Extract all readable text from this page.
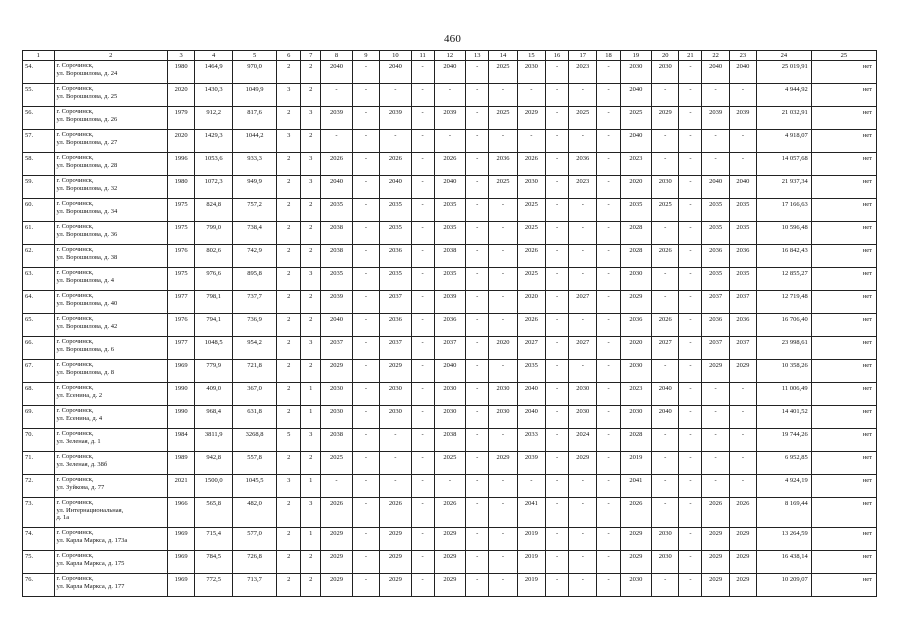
460
1	2	3	4	5	6	7	8	9	10	11	12	13	14	15	16	17	18	19	20	21	22	23	24	25
54.	г. Сорочинск,
ул. Ворошилова, д. 24	1980	1464,9	970,0	2	2	2040	-	2040	-	2040	-	2025	2030	-	2023	-	2030	2030	-	2040	2040	25 019,91	нет
55.	г. Сорочинск,
ул. Ворошилова, д. 25	2020	1430,3	1049,9	3	2	-	-	-	-	-	-	-	-	-	-	-	2040	-	-	-	-	4 944,92	нет
56.	г. Сорочинск,
ул. Ворошилова, д. 26	1979	912,2	817,6	2	3	2039	-	2039	-	2039	-	2025	2029	-	2025	-	2025	2029	-	2039	2039	21 032,91	нет
57.	г. Сорочинск,
ул. Ворошилова, д. 27	2020	1429,3	1044,2	3	2	-	-	-	-	-	-	-	-	-	-	-	2040	-	-	-	-	4 918,07	нет
58.	г. Сорочинск,
ул. Ворошилова, д. 28	1996	1053,6	933,3	2	3	2026	-	2026	-	2026	-	2036	2026	-	2036	-	2023	-	-	-	-	14 057,68	нет
59.	г. Сорочинск,
ул. Ворошилова, д. 32	1980	1072,3	949,9	2	3	2040	-	2040	-	2040	-	2025	2030	-	2023	-	2020	2030	-	2040	2040	21 937,34	нет
60.	г. Сорочинск,
ул. Ворошилова, д. 34	1975	824,8	757,2	2	2	2035	-	2035	-	2035	-	-	2025	-	-	-	2035	2025	-	2035	2035	17 166,63	нет
61.	г. Сорочинск,
ул. Ворошилова, д. 36	1975	799,0	738,4	2	2	2038	-	2035	-	2035	-	-	2025	-	-	-	2028	-	-	2035	2035	10 596,48	нет
62.	г. Сорочинск,
ул. Ворошилова, д. 38	1976	802,6	742,9	2	2	2038	-	2036	-	2038	-	-	2026	-	-	-	2028	2026	-	2036	2036	16 842,43	нет
63.	г. Сорочинск,
ул. Ворошилова, д. 4	1975	976,6	895,8	2	3	2035	-	2035	-	2035	-	-	2025	-	-	-	2030	-	-	2035	2035	12 855,27	нет
64.	г. Сорочинск,
ул. Ворошилова, д. 40	1977	798,1	737,7	2	2	2039	-	2037	-	2039	-	-	2020	-	2027	-	2029	-	-	2037	2037	12 719,48	нет
65.	г. Сорочинск,
ул. Ворошилова, д. 42	1976	794,1	736,9	2	2	2040	-	2036	-	2036	-	-	2026	-	-	-	2036	2026	-	2036	2036	16 706,40	нет
66.	г. Сорочинск,
ул. Ворошилова, д. 6	1977	1048,5	954,2	2	3	2037	-	2037	-	2037	-	2020	2027	-	2027	-	2020	2027	-	2037	2037	23 998,61	нет
67.	г. Сорочинск,
ул. Ворошилова, д. 8	1969	779,9	721,8	2	2	2029	-	2029	-	2040	-	-	2035	-	-	-	2030	-	-	2029	2029	10 358,26	нет
68.	г. Сорочинск,
ул. Есенина, д. 2	1990	409,0	367,0	2	1	2030	-	2030	-	2030	-	2030	2040	-	2030	-	2023	2040	-	-	-	11 006,49	нет
69.	г. Сорочинск,
ул. Есенина, д. 4	1990	968,4	631,8	2	1	2030	-	2030	-	2030	-	2030	2040	-	2030	-	2030	2040	-	-	-	14 401,52	нет
70.	г. Сорочинск,
ул. Зеленая, д. 1	1984	3811,9	3268,8	5	3	2038	-	-	-	2038	-	-	2033	-	2024	-	2028	-	-	-	-	19 744,26	нет
71.	г. Сорочинск,
ул. Зеленая, д. 38б	1989	942,8	557,8	2	2	2025	-	-	-	2025	-	2029	2039	-	2029	-	2019	-	-	-	-	6 952,85	нет
72.	г. Сорочинск,
ул. Зуйкова, д. 77	2021	1500,0	1045,5	3	1	-	-	-	-	-	-	-	-	-	-	-	2041	-	-	-	-	4 924,19	нет
73.	г. Сорочинск,
ул. Интернациональная,
д. 1а	1966	565,8	482,0	2	3	2026	-	2026	-	2026	-	-	2041	-	-	-	2026	-	-	2026	2026	8 169,44	нет
74.	г. Сорочинск,
ул. Карла Маркса, д. 173а	1969	715,4	577,0	2	1	2029	-	2029	-	2029	-	-	2019	-	-	-	2029	2030	-	2029	2029	13 264,59	нет
75.	г. Сорочинск,
ул. Карла Маркса, д. 175	1969	784,5	726,8	2	2	2029	-	2029	-	2029	-	-	2019	-	-	-	2029	2030	-	2029	2029	16 438,14	нет
76.	г. Сорочинск,
ул. Карла Маркса, д. 177	1969	772,5	713,7	2	2	2029	-	2029	-	2029	-	-	2019	-	-	-	2030	-	-	2029	2029	10 209,07	нет
